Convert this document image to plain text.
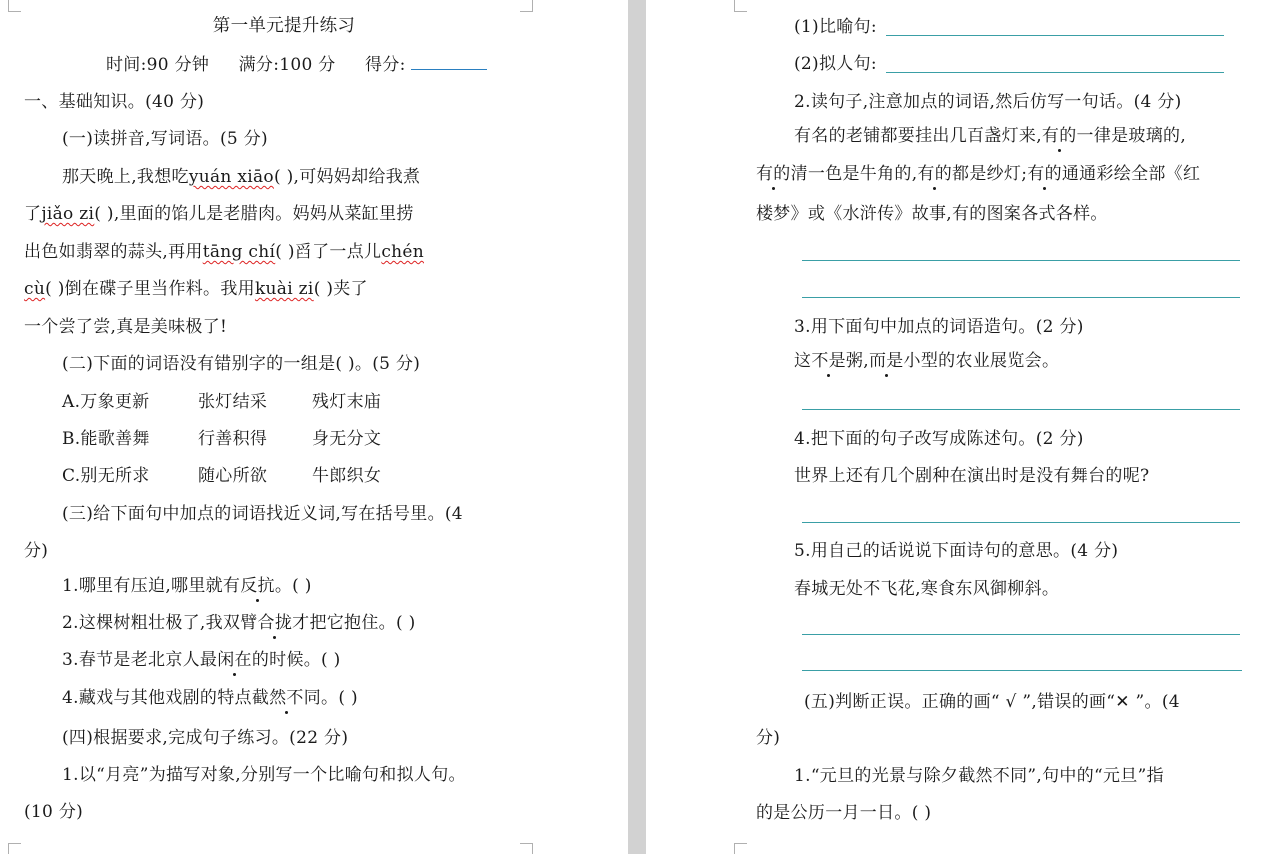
第一单元提升练习
时间:90 分钟 满分:100 分 得分:
一、基础知识。(40 分)
(一)读拼音,写词语。(5 分)
那天晚上,我想吃yuán xiāo( ),可妈妈却给我煮
了jiǎo zi( ),里面的馅儿是老腊肉。妈妈从菜缸里捞
出色如翡翠的蒜头,再用tāng chí( )舀了一点儿chén
cù( )倒在碟子里当作料。我用kuài zi( )夹了
一个尝了尝,真是美味极了!
(二)下面的词语没有错别字的一组是( )。(5 分)
A.万象更新	张灯结采	残灯末庙
B.能歌善舞	行善积得	身无分文
C.别无所求	随心所欲	牛郎织女
(三)给下面句中加点的词语找近义词,写在括号里。(4
分)
1.哪里有压迫,哪里就有反抗。( )
2.这棵树粗壮极了,我双臂合拢才把它抱住。( )
3.春节是老北京人最闲在的时候。( )
4.藏戏与其他戏剧的特点截然不同。( )
(四)根据要求,完成句子练习。(22 分)
1.以“月亮”为描写对象,分别写一个比喻句和拟人句。
(10 分)
(1)比喻句:
(2)拟人句:
2.读句子,注意加点的词语,然后仿写一句话。(4 分)
有名的老铺都要挂出几百盏灯来,有的一律是玻璃的,
有的清一色是牛角的,有的都是纱灯;有的通通彩绘全部《红
楼梦》或《水浒传》故事,有的图案各式各样。
3.用下面句中加点的词语造句。(2 分)
这不是粥,而是小型的农业展览会。
4.把下面的句子改写成陈述句。(2 分)
世界上还有几个剧种在演出时是没有舞台的呢?
5.用自己的话说说下面诗句的意思。(4 分)
春城无处不飞花,寒食东风御柳斜。
(五)判断正误。正确的画“ √ ”,错误的画“✕ ”。(4
分)
1.“元旦的光景与除夕截然不同”,句中的“元旦”指
的是公历一月一日。( )
